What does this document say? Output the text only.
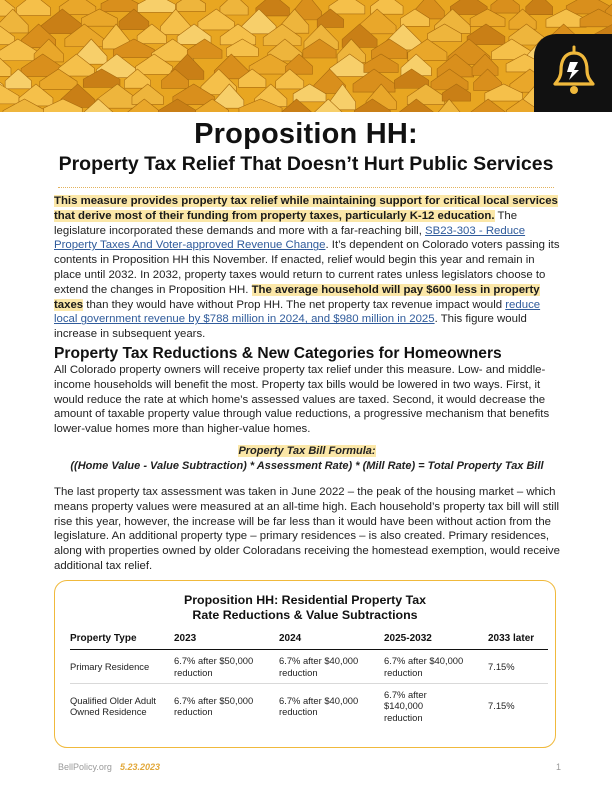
Proposition HH:
Property Tax Relief That Doesn’t Hurt Public Services

This measure provides property tax relief while maintaining support for critical local services that derive most of their funding from property taxes, particularly K-12 education. The legislature incorporated these demands and more with a far-reaching bill, SB23-303 - Reduce Property Taxes And Voter-approved Revenue Change. It’s dependent on Colorado voters passing its contents in Proposition HH this November. If enacted, relief would begin this year and remain in place until 2032. In 2032, property taxes would return to current rates unless legislators choose to extend the changes in Proposition HH. The average household will pay $600 less in property taxes than they would have without Prop HH. The net property tax revenue impact would reduce local government revenue by $788 million in 2024, and $980 million in 2025. This figure would increase in subsequent years.

Property Tax Reductions & New Categories for Homeowners

All Colorado property owners will receive property tax relief under this measure. Low- and middle-income households will benefit the most. Property tax bills would be lowered in two ways. First, it would reduce the rate at which home’s assessed values are taxed. Second, it would decrease the amount of taxable property value through value reductions, a progressive mechanism that benefits lower-value homes more than higher-value homes.

Property Tax Bill Formula:
((Home Value - Value Subtraction) * Assessment Rate) * (Mill Rate) = Total Property Tax Bill

The last property tax assessment was taken in June 2022 – the peak of the housing market – which means property values were measured at an all-time high. Each household’s property tax bill will still rise this year, however, the increase will be far less than it would have been without action from the legislature. An additional property type – primary residences – is also created. Primary residences, along with properties owned by older Coloradans receiving the homestead exemption, would receive additional tax relief.

Proposition HH: Residential Property Tax
Rate Reductions & Value Subtractions
Property Type	2023	2024	2025-2032	2033 later
Primary Residence	6.7% after $50,000 reduction	6.7% after $40,000 reduction	6.7% after $40,000 reduction	7.15%
Qualified Older Adult Owned Residence	6.7% after $50,000 reduction	6.7% after $40,000 reduction	6.7% after $140,000 reduction	7.15%
BellPolicy.org 5.23.2023	1
